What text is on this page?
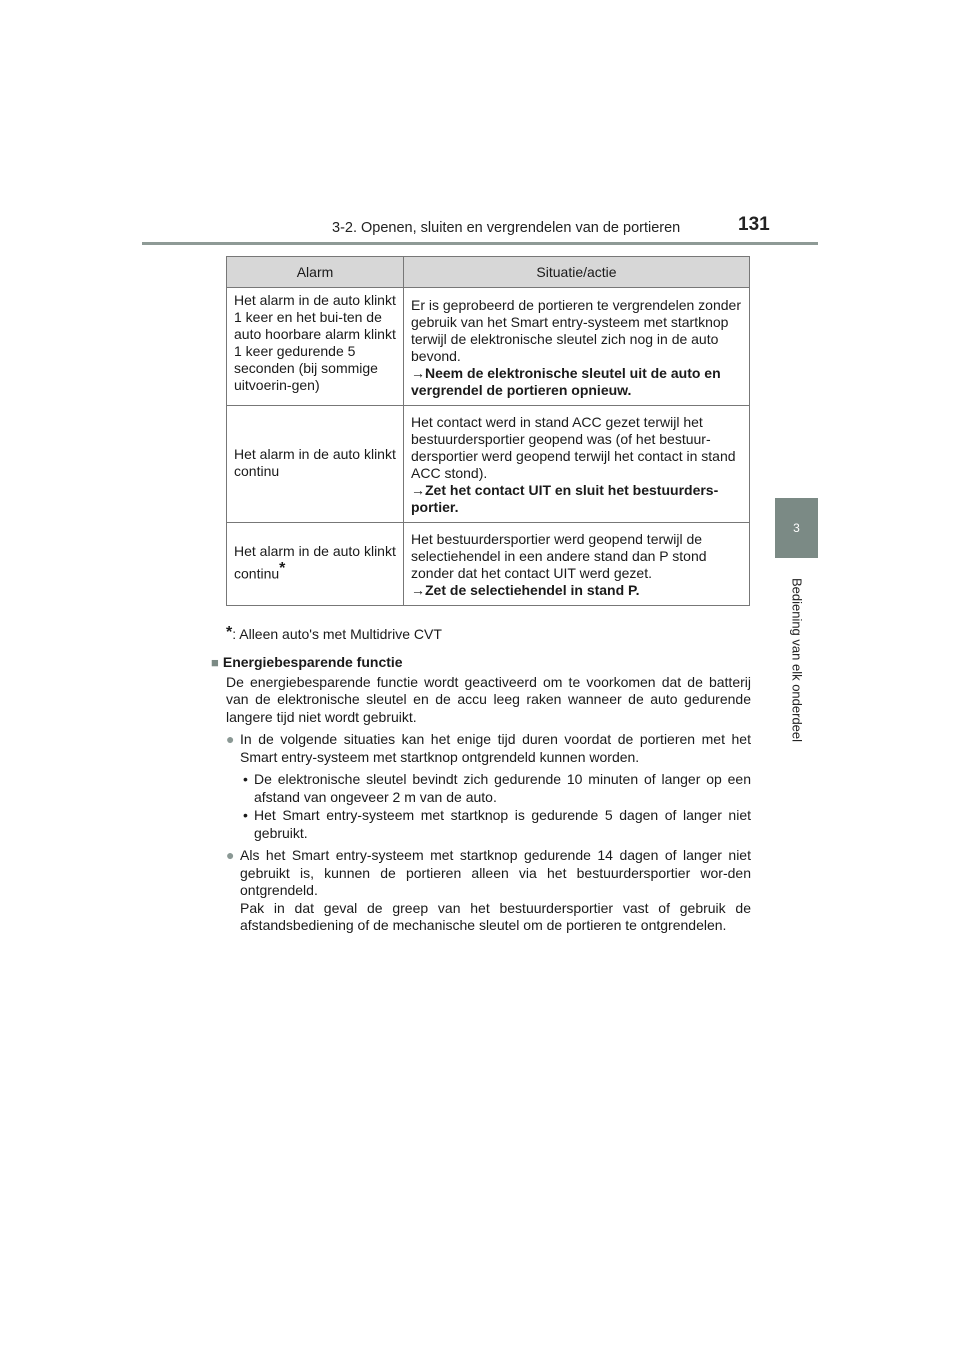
3-2. Openen, sluiten en vergrendelen van de portieren	131
3
Bediening van elk onderdeel
Alarm	Situatie/actie
Het alarm in de auto klinkt 1 keer en het bui-ten de auto hoorbare alarm klinkt 1 keer gedurende 5 seconden (bij sommige uitvoerin-gen)	Er is geprobeerd de portieren te vergrendelen zonder gebruik van het Smart entry-systeem met startknop terwijl de elektronische sleutel zich nog in de auto bevond.
→Neem de elektronische sleutel uit de auto en vergrendel de portieren opnieuw.

Het alarm in de auto klinkt continu	Het contact werd in stand ACC gezet terwijl het bestuurdersportier geopend was (of het bestuur-dersportier werd geopend terwijl het contact in stand ACC stond).
→Zet het contact UIT en sluit het bestuurders-portier.

Het alarm in de auto klinkt continu*	Het bestuurdersportier werd geopend terwijl de selectiehendel in een andere stand dan P stond zonder dat het contact UIT werd gezet.
→Zet de selectiehendel in stand P.
*: Alleen auto's met Multidrive CVT
■ Energiebesparende functie
De energiebesparende functie wordt geactiveerd om te voorkomen dat de batterij van de elektronische sleutel en de accu leeg raken wanneer de auto gedurende langere tijd niet wordt gebruikt.
● In de volgende situaties kan het enige tijd duren voordat de portieren met het Smart entry-systeem met startknop ontgrendeld kunnen worden.
• De elektronische sleutel bevindt zich gedurende 10 minuten of langer op een afstand van ongeveer 2 m van de auto.
• Het Smart entry-systeem met startknop is gedurende 5 dagen of langer niet gebruikt.
● Als het Smart entry-systeem met startknop gedurende 14 dagen of langer niet gebruikt is, kunnen de portieren alleen via het bestuurdersportier wor-den ontgrendeld.
Pak in dat geval de greep van het bestuurdersportier vast of gebruik de afstandsbediening of de mechanische sleutel om de portieren te ontgrendelen.
